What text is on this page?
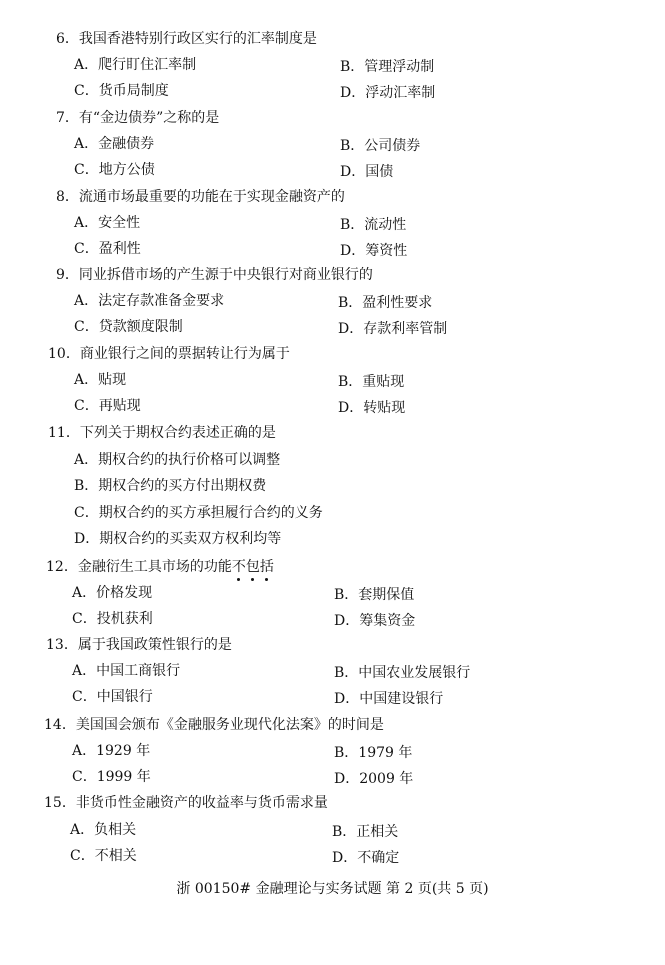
6．我国香港特别行政区实行的汇率制度是
A．爬行盯住汇率制	B．管理浮动制
C．货币局制度	D．浮动汇率制
7．有“金边债券”之称的是
A．金融债券	B．公司债券
C．地方公债	D．国债
8．流通市场最重要的功能在于实现金融资产的
A．安全性	B．流动性
C．盈利性	D．筹资性
9．同业拆借市场的产生源于中央银行对商业银行的
A．法定存款准备金要求	B．盈利性要求
C．贷款额度限制	D．存款利率管制
10．商业银行之间的票据转让行为属于
A．贴现	B．重贴现
C．再贴现	D．转贴现
11．下列关于期权合约表述正确的是
A．期权合约的执行价格可以调整
B．期权合约的买方付出期权费
C．期权合约的买方承担履行合约的义务
D．期权合约的买卖双方权利均等
12．金融衍生工具市场的功能不包括
A．价格发现	B．套期保值
C．投机获利	D．筹集资金
13．属于我国政策性银行的是
A．中国工商银行	B．中国农业发展银行
C．中国银行	D．中国建设银行
14．美国国会颁布《金融服务业现代化法案》的时间是
A．1929 年	B．1979 年
C．1999 年	D．2009 年
15．非货币性金融资产的收益率与货币需求量
A．负相关	B．正相关
C．不相关	D．不确定
浙 00150# 金融理论与实务试题 第 2 页(共 5 页)
